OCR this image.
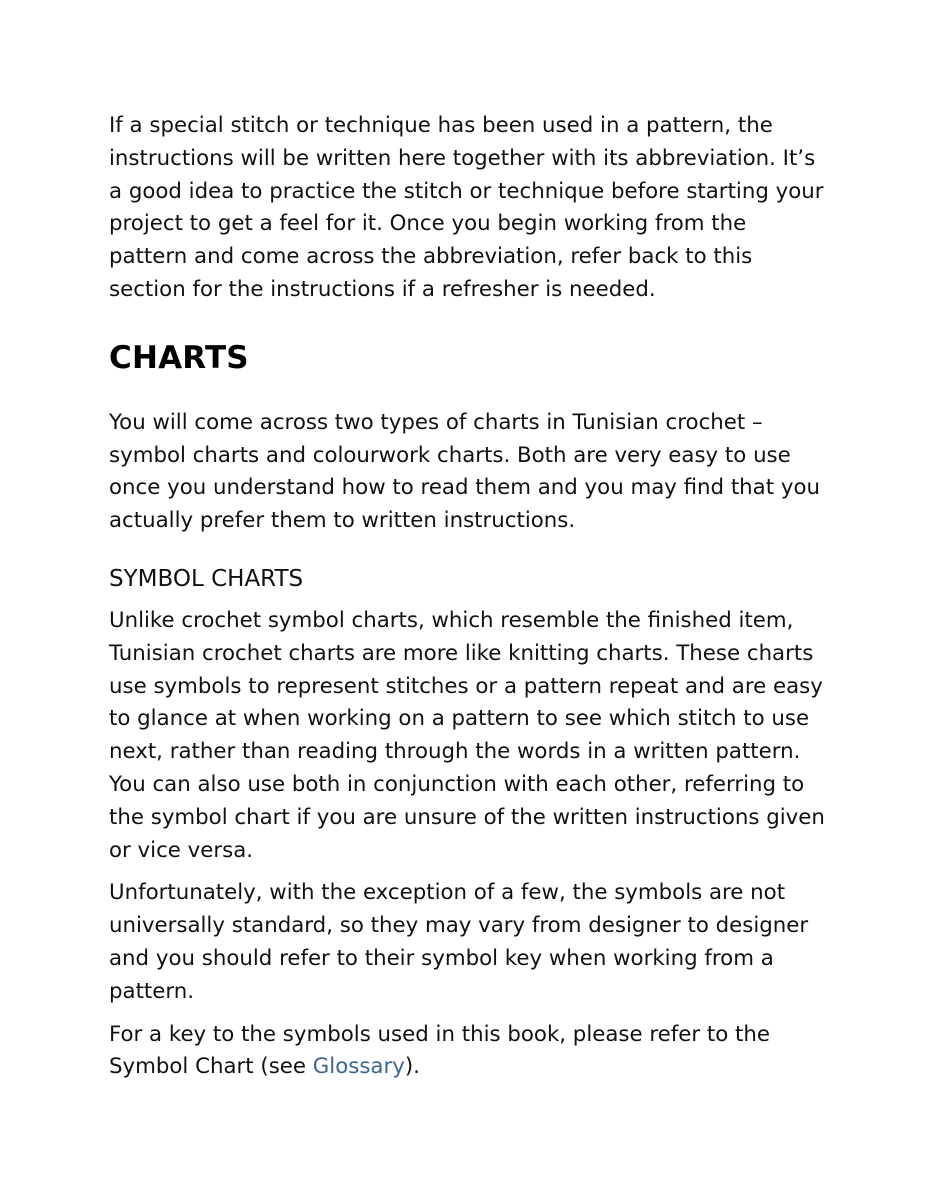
If a special stitch or technique has been used in a pattern, the instructions will be written here together with its abbreviation. It’s a good idea to practice the stitch or technique before starting your project to get a feel for it. Once you begin working from the pattern and come across the abbreviation, refer back to this section for the instructions if a refresher is needed.

CHARTS

You will come across two types of charts in Tunisian crochet – symbol charts and colourwork charts. Both are very easy to use once you understand how to read them and you may find that you actually prefer them to written instructions.

SYMBOL CHARTS

Unlike crochet symbol charts, which resemble the finished item, Tunisian crochet charts are more like knitting charts. These charts use symbols to represent stitches or a pattern repeat and are easy to glance at when working on a pattern to see which stitch to use next, rather than reading through the words in a written pattern. You can also use both in conjunction with each other, referring to the symbol chart if you are unsure of the written instructions given or vice versa.

Unfortunately, with the exception of a few, the symbols are not universally standard, so they may vary from designer to designer and you should refer to their symbol key when working from a pattern.

For a key to the symbols used in this book, please refer to the Symbol Chart (see Glossary).
